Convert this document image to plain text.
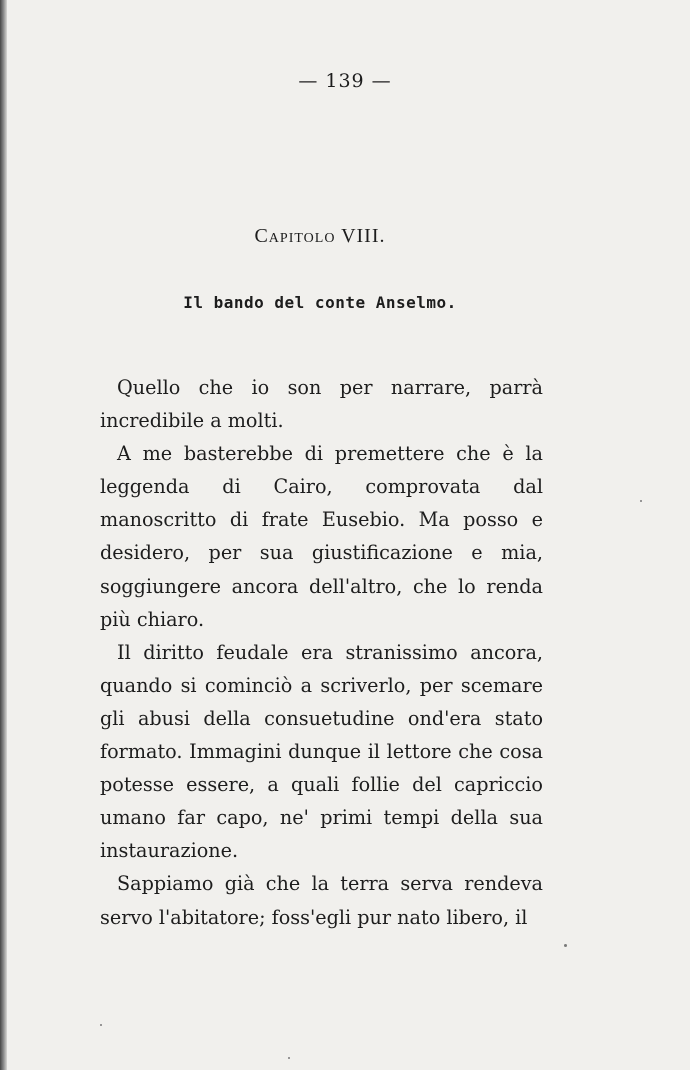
— 139 —
Capitolo VIII.
Il bando del conte Anselmo.

Quello che io son per narrare, parrà incredibile a molti.

A me basterebbe di premettere che è la leggenda di Cairo, comprovata dal manoscritto di frate Eusebio. Ma posso e desidero, per sua giustificazione e mia, soggiungere ancora dell'altro, che lo renda più chiaro.

Il diritto feudale era stranissimo ancora, quando si cominciò a scriverlo, per scemare gli abusi della consuetudine ond'era stato formato. Immagini dunque il lettore che cosa potesse essere, a quali follie del capriccio umano far capo, ne' primi tempi della sua instaurazione.

Sappiamo già che la terra serva rendeva servo l'abitatore; foss'egli pur nato libero, il
